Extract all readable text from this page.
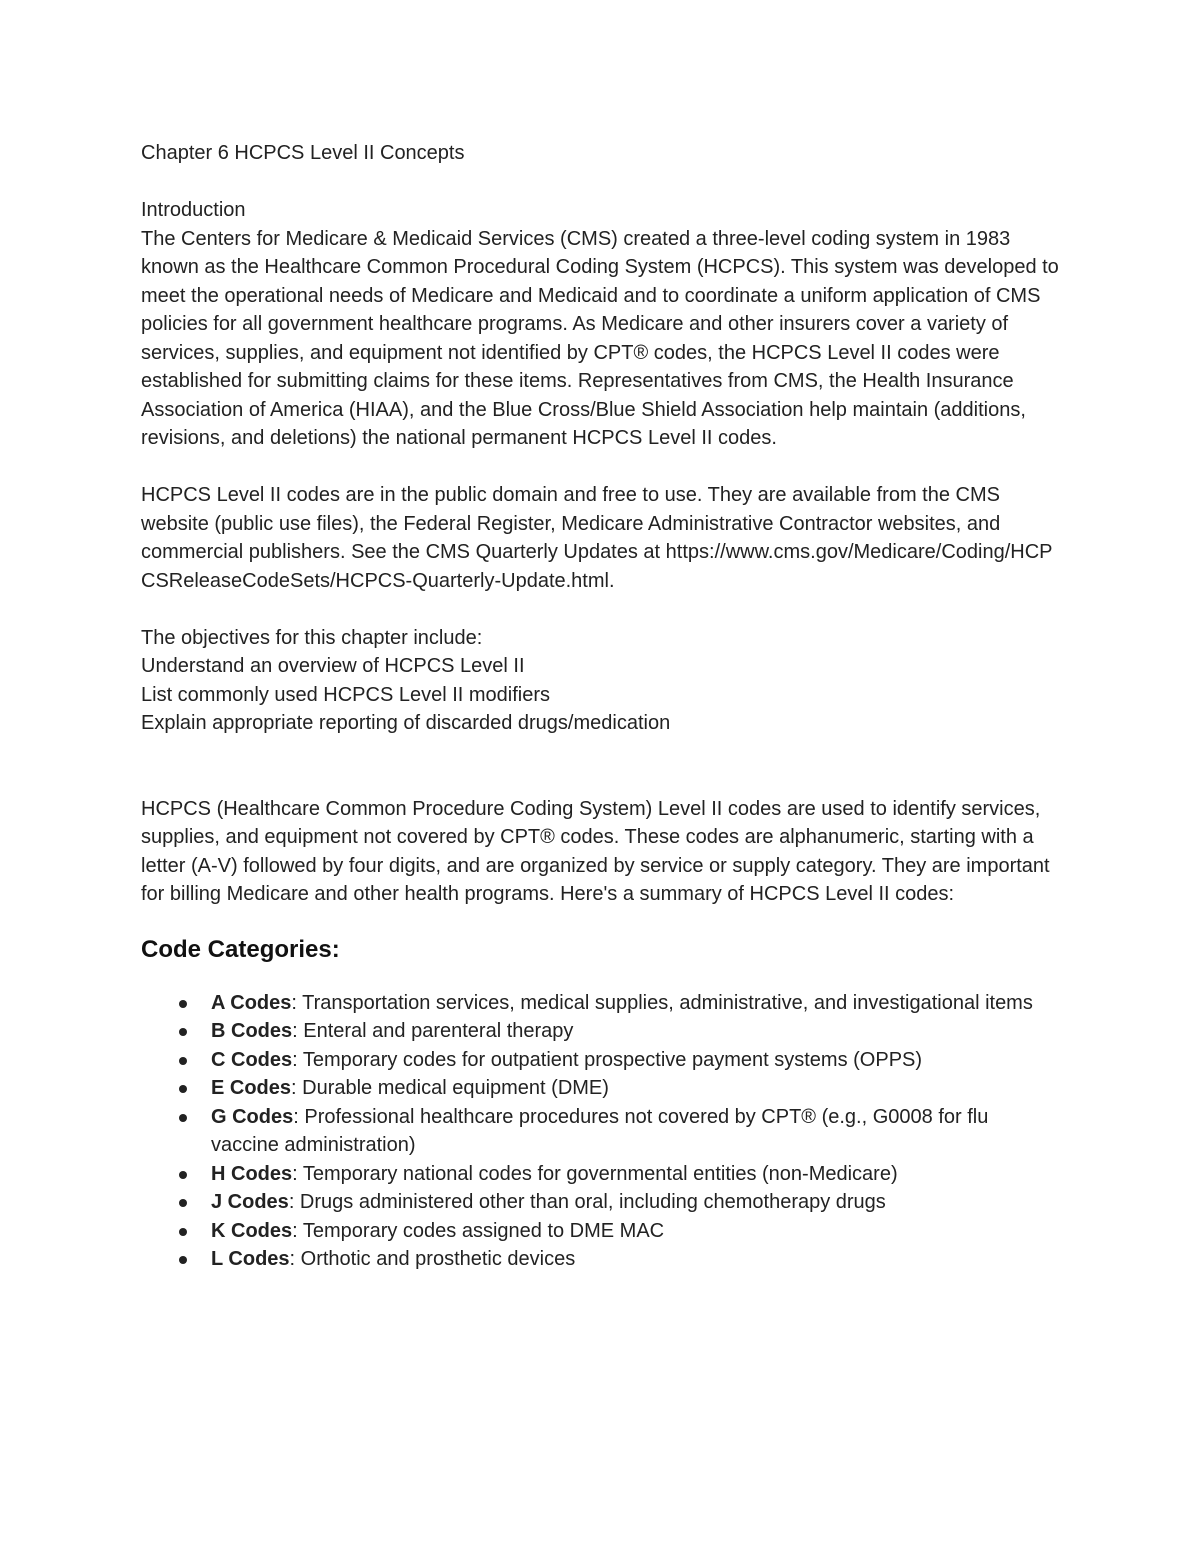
Chapter 6 HCPCS Level II Concepts

Introduction

The Centers for Medicare & Medicaid Services (CMS) created a three-level coding system in 1983 known as the Healthcare Common Procedural Coding System (HCPCS). This system was developed to meet the operational needs of Medicare and Medicaid and to coordinate a uniform application of CMS policies for all government healthcare programs. As Medicare and other insurers cover a variety of services, supplies, and equipment not identified by CPT® codes, the HCPCS Level II codes were established for submitting claims for these items. Representatives from CMS, the Health Insurance Association of America (HIAA), and the Blue Cross/Blue Shield Association help maintain (additions, revisions, and deletions) the national permanent HCPCS Level II codes.

HCPCS Level II codes are in the public domain and free to use. They are available from the CMS website (public use files), the Federal Register, Medicare Administrative Contractor websites, and commercial publishers. See the CMS Quarterly Updates at https://www.cms.gov/Medicare/Coding/HCPCSReleaseCodeSets/HCPCS-Quarterly-Update.html.

The objectives for this chapter include:

Understand an overview of HCPCS Level II

List commonly used HCPCS Level II modifiers

Explain appropriate reporting of discarded drugs/medication

HCPCS (Healthcare Common Procedure Coding System) Level II codes are used to identify services, supplies, and equipment not covered by CPT® codes. These codes are alphanumeric, starting with a letter (A-V) followed by four digits, and are organized by service or supply category. They are important for billing Medicare and other health programs. Here's a summary of HCPCS Level II codes:

Code Categories:
A Codes: Transportation services, medical supplies, administrative, and investigational items
B Codes: Enteral and parenteral therapy
C Codes: Temporary codes for outpatient prospective payment systems (OPPS)
E Codes: Durable medical equipment (DME)
G Codes: Professional healthcare procedures not covered by CPT® (e.g., G0008 for flu vaccine administration)
H Codes: Temporary national codes for governmental entities (non-Medicare)
J Codes: Drugs administered other than oral, including chemotherapy drugs
K Codes: Temporary codes assigned to DME MAC
L Codes: Orthotic and prosthetic devices
